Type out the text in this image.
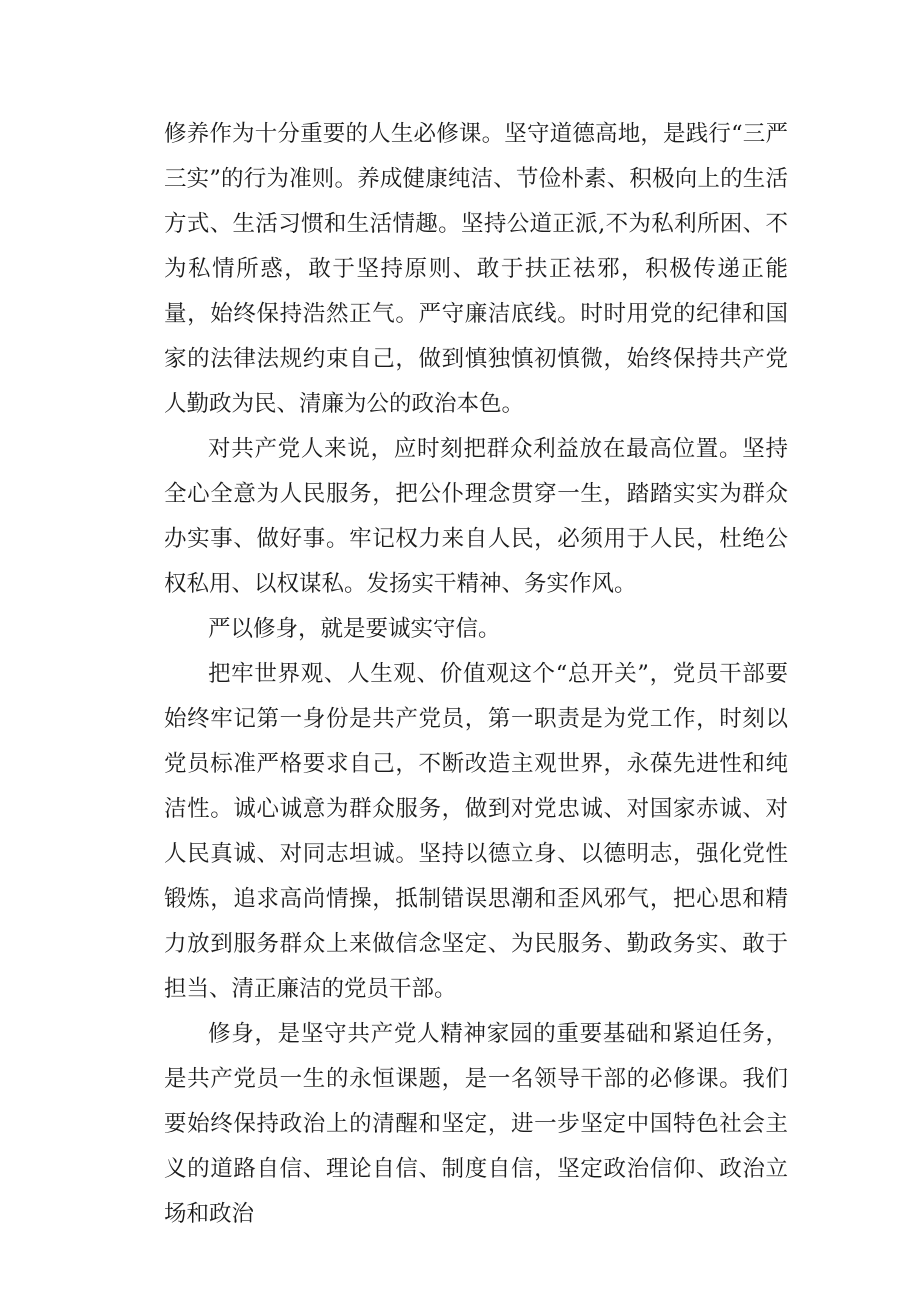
修养作为十分重要的人生必修课。坚守道德高地，是践行“三严三实”的行为准则。养成健康纯洁、节俭朴素、积极向上的生活方式、生活习惯和生活情趣。坚持公道正派,不为私利所困、不为私情所惑，敢于坚持原则、敢于扶正祛邪，积极传递正能量，始终保持浩然正气。严守廉洁底线。时时用党的纪律和国家的法律法规约束自己，做到慎独慎初慎微，始终保持共产党人勤政为民、清廉为公的政治本色。

对共产党人来说，应时刻把群众利益放在最高位置。坚持全心全意为人民服务，把公仆理念贯穿一生，踏踏实实为群众办实事、做好事。牢记权力来自人民，必须用于人民，杜绝公权私用、以权谋私。发扬实干精神、务实作风。

严以修身，就是要诚实守信。

把牢世界观、人生观、价值观这个“总开关”，党员干部要始终牢记第一身份是共产党员，第一职责是为党工作，时刻以党员标准严格要求自己，不断改造主观世界，永葆先进性和纯洁性。诚心诚意为群众服务，做到对党忠诚、对国家赤诚、对人民真诚、对同志坦诚。坚持以德立身、以德明志，强化党性锻炼，追求高尚情操，抵制错误思潮和歪风邪气，把心思和精力放到服务群众上来做信念坚定、为民服务、勤政务实、敢于担当、清正廉洁的党员干部。

修身，是坚守共产党人精神家园的重要基础和紧迫任务，是共产党员一生的永恒课题，是一名领导干部的必修课。我们要始终保持政治上的清醒和坚定，进一步坚定中国特色社会主义的道路自信、理论自信、制度自信，坚定政治信仰、政治立场和政治
